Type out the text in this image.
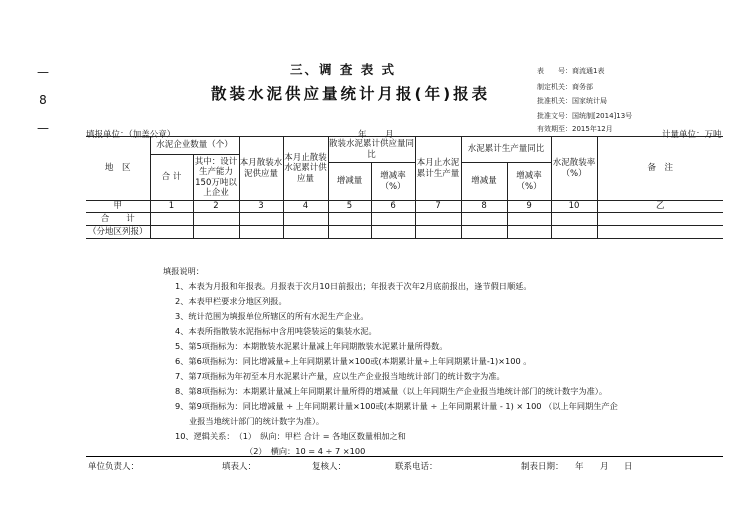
—
8
—
三、调 查 表 式
散装水泥供应量统计月报(年)报表
表　　号：商流通1表
制定机关：商务部
批准机关：国家统计局
批准文号：国统制[2014]13号
有效期至：2015年12月
填报单位：（加盖公章）	年 月	计量单位：万吨
地　区	水泥企业数量（个）		本月散装水泥供应量	本月止散装水泥累计供应量	散装水泥累计供应量同比		本月止水泥累计生产量	水泥累计生产量同比		水泥散装率（%）	备　注
	合 计	其中：设计生产能力150万吨以上企业									
					增减量	增减率（%）		增减量	增减率（%）		
甲	1	2	3	4	5	6	7	8	9	10	乙
合　　计											
（分地区列报）											
填报说明：
1、本表为月报和年报表。月报表于次月10日前报出；年报表于次年2月底前报出，逢节假日顺延。
2、本表甲栏要求分地区列报。
3、统计范围为填报单位所辖区的所有水泥生产企业。
4、本表所指散装水泥指标中含用吨袋装运的集装水泥。
5、第5项指标为：本期散装水泥累计量减上年同期散装水泥累计量所得数。
6、第6项指标为：同比增减量÷上年同期累计量×100或(本期累计量÷上年同期累计量-1)×100 。
7、第7项指标为年初至本月水泥累计产量，应以生产企业报当地统计部门的统计数字为准。
8、第8项指标为：本期累计量减上年同期累计量所得的增减量（以上年同期生产企业报当地统计部门的统计数字为准）。
9、第9项指标为：同比增减量 ÷ 上年同期累计量×100或(本期累计量 ÷ 上年同期累计量 - 1) × 100 （以上年同期生产企
业报当地统计部门的统计数字为准）。
10、逻辑关系：　（1）　纵向：甲栏 合计 = 各地区数量相加之和
（2）　横向：10 = 4 ÷ 7 ×100
单位负责人：	填表人：	复核人：	联系电话：	制表日期： 年 月 日
